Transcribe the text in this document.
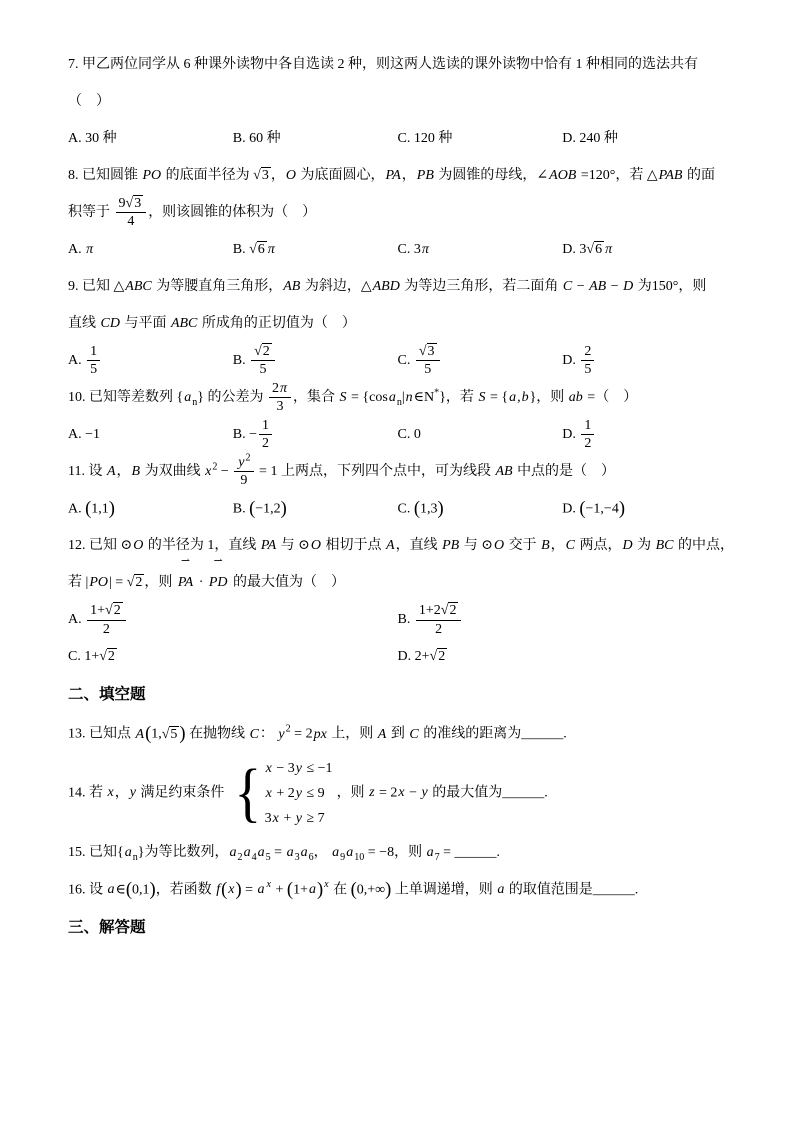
7. 甲乙两位同学从 6 种课外读物中各自选读 2 种，则这两人选读的课外读物中恰有 1 种相同的选法共有

（　）

A. 30 种	B. 60 种	C. 120 种	D. 240 种

8. 已知圆锥 PO 的底面半径为 √3 ，O 为底面圆心，PA，PB 为圆锥的母线，∠AOB =120°，若 △PAB 的面

积等于 $\frac{9√3}{4}$ ，则该圆锥的体积为（　）

A. π	B. √6 π	C. 3π	D. 3√6 π

9. 已知 △ABC 为等腰直角三角形，AB 为斜边，△ABD 为等边三角形，若二面角 C − AB − D 为150°，则

直线 CD 与平面 ABC 所成角的正切值为（　）

A. $\frac{1}{5}$	B. $\frac{√2}{5}$	C. $\frac{√3}{5}$	D. $\frac{2}{5}$

10. 已知等差数列 $\{a_n\}$ 的公差为 $\frac{2\pi}{3}$ ，集合 S = {cosa$_n$|n∈N*}，若 S = {a,b}，则 ab =（　）

A. −1	B. − $\frac{1}{2}$	C. 0	D. $\frac{1}{2}$

11. 设 A，B 为双曲线 $x^2 - \frac{y^2}{9} = 1$ 上两点，下列四个点中，可为线段 AB 中点的是（　）

A. (1,1)	B. (−1,2)	C. (1,3)	D. (−1,−4)

12. 已知 ⊙O 的半径为 1，直线 PA 与 ⊙O 相切于点 A，直线 PB 与 ⊙O 交于 B，C 两点，D 为 BC 的中点，

若 |PO| = √2 ，则
⇀
PA ·
⇀
PD 的最大值为（　）

A. $\frac{1+√2}{2}$	B. $\frac{1+2√2}{2}$
C. 1+√2	D. 2+√2
二、填空题

13. 已知点 A(1,√5 ) 在抛物线 C： $y^2 = 2px$ 上，则 A 到 C 的准线的距离为______.

14. 若 x，y 满足约束条件 { x − 3y ≤ −1
x + 2y ≤ 9
3x + y ≥ 7
，则 z = 2x − y 的最大值为______.

15. 已知$\{a_n\}$为等比数列，$a_2a_4a_5 = a_3a_6$， $a_9a_{10} = -8$，则 $a_7$ = ______.

16. 设 a∈(0,1)，若函数 f(x) = a $^x + (1+a)^x$ 在 (0,+∞) 上单调递增，则 a 的取值范围是______.

三、解答题
